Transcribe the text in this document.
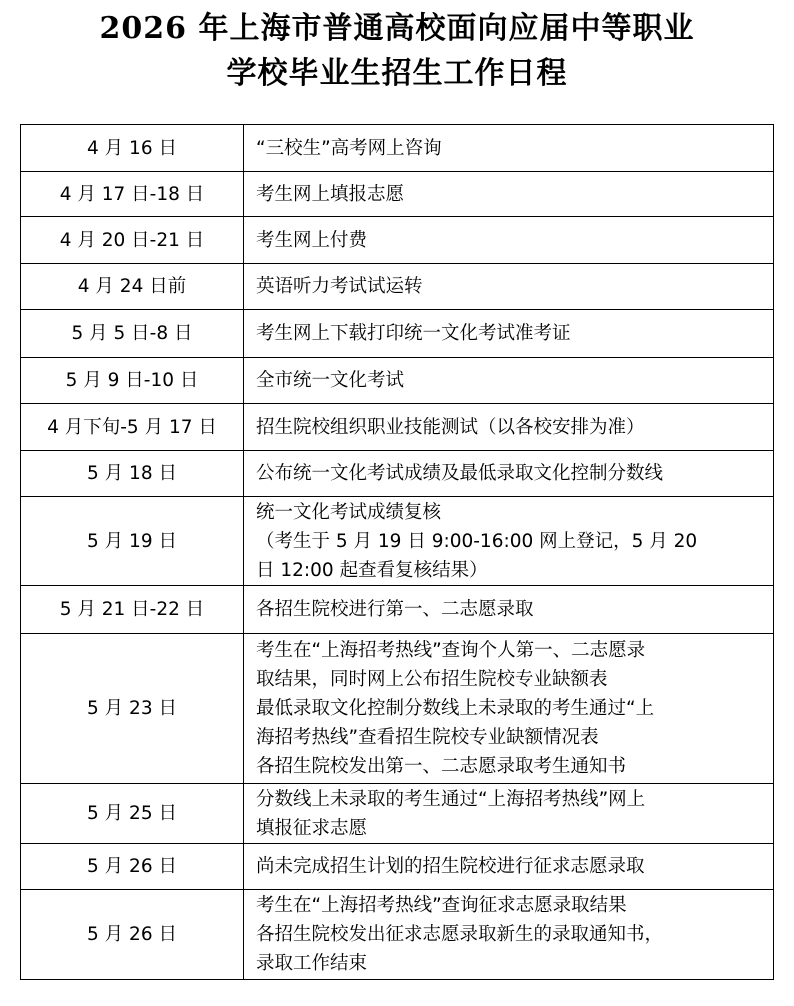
2026 年上海市普通高校面向应届中等职业
学校毕业生招生工作日程
4 月 16 日	“三校生”高考网上咨询

4 月 17 日-18 日	考生网上填报志愿

4 月 20 日-21 日	考生网上付费

4 月 24 日前	英语听力考试试运转

5 月 5 日-8 日	考生网上下载打印统一文化考试准考证

5 月 9 日-10 日	全市统一文化考试

4 月下旬-5 月 17 日	招生院校组织职业技能测试（以各校安排为准）

5 月 18 日	公布统一文化考试成绩及最低录取文化控制分数线

5 月 19 日	统一文化考试成绩复核
（考生于 5 月 19 日 9:00-16:00 网上登记，5 月 20
日 12:00 起查看复核结果）

5 月 21 日-22 日	各招生院校进行第一、二志愿录取

5 月 23 日	考生在“上海招考热线”查询个人第一、二志愿录
取结果，同时网上公布招生院校专业缺额表
最低录取文化控制分数线上未录取的考生通过“上
海招考热线”查看招生院校专业缺额情况表
各招生院校发出第一、二志愿录取考生通知书

5 月 25 日	分数线上未录取的考生通过“上海招考热线”网上
填报征求志愿

5 月 26 日	尚未完成招生计划的招生院校进行征求志愿录取

5 月 26 日	考生在“上海招考热线”查询征求志愿录取结果
各招生院校发出征求志愿录取新生的录取通知书，
录取工作结束
